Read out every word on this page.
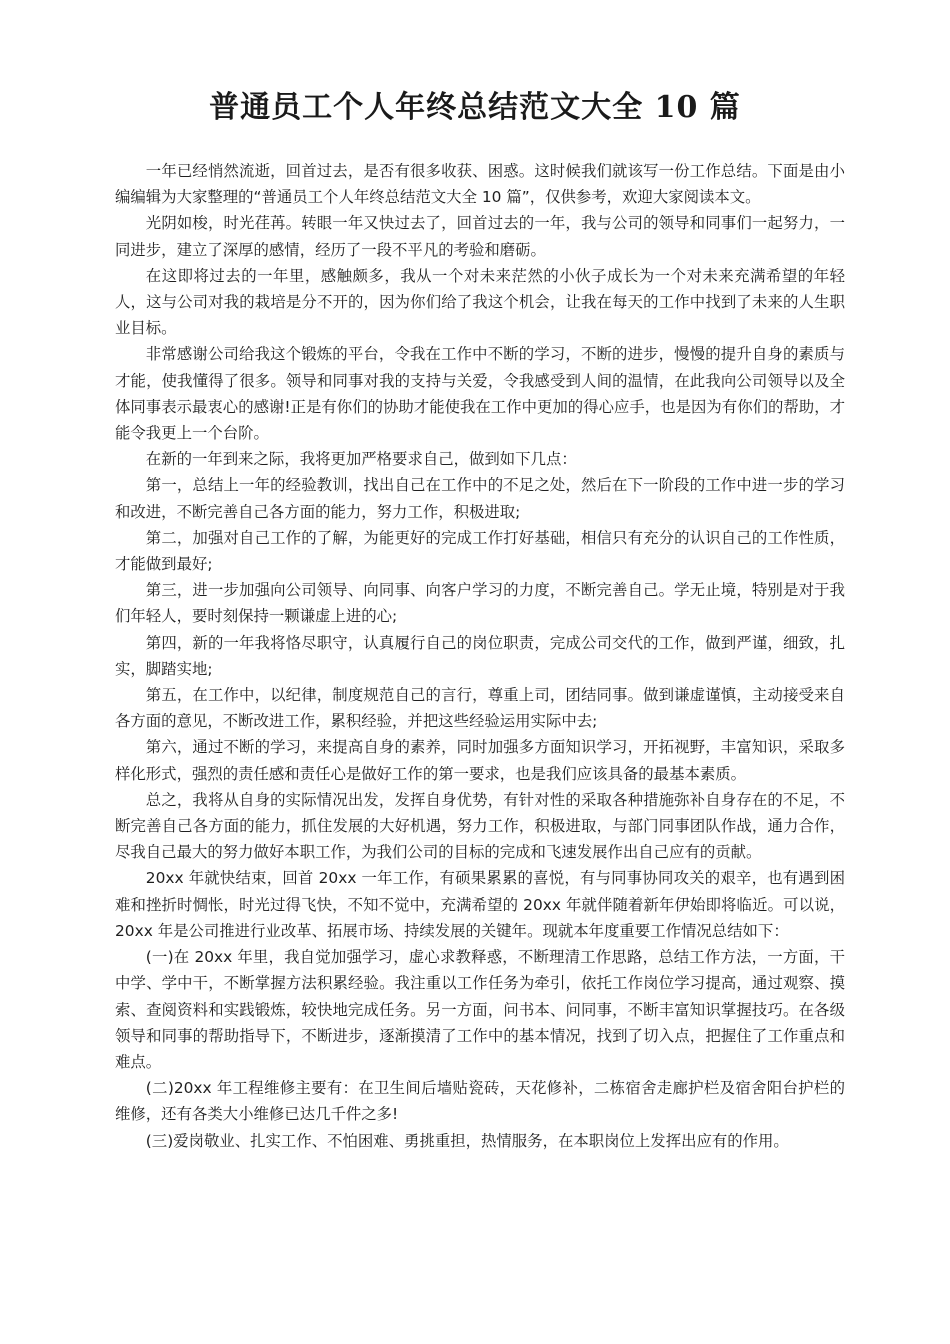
普通员工个人年终总结范文大全 10 篇

一年已经悄然流逝，回首过去，是否有很多收获、困惑。这时候我们就该写一份工作总结。下面是由小编编辑为大家整理的“普通员工个人年终总结范文大全 10 篇”，仅供参考，欢迎大家阅读本文。

光阴如梭，时光荏苒。转眼一年又快过去了，回首过去的一年，我与公司的领导和同事们一起努力，一同进步，建立了深厚的感情，经历了一段不平凡的考验和磨砺。

在这即将过去的一年里，感触颇多，我从一个对未来茫然的小伙子成长为一个对未来充满希望的年轻人，这与公司对我的栽培是分不开的，因为你们给了我这个机会，让我在每天的工作中找到了未来的人生职业目标。

非常感谢公司给我这个锻炼的平台，令我在工作中不断的学习，不断的进步，慢慢的提升自身的素质与才能，使我懂得了很多。领导和同事对我的支持与关爱，令我感受到人间的温情，在此我向公司领导以及全体同事表示最衷心的感谢!正是有你们的协助才能使我在工作中更加的得心应手，也是因为有你们的帮助，才能令我更上一个台阶。

在新的一年到来之际，我将更加严格要求自己，做到如下几点：

第一，总结上一年的经验教训，找出自己在工作中的不足之处，然后在下一阶段的工作中进一步的学习和改进，不断完善自己各方面的能力，努力工作，积极进取;

第二，加强对自己工作的了解，为能更好的完成工作打好基础，相信只有充分的认识自己的工作性质，才能做到最好;

第三，进一步加强向公司领导、向同事、向客户学习的力度，不断完善自己。学无止境，特别是对于我们年轻人，要时刻保持一颗谦虚上进的心;

第四，新的一年我将恪尽职守，认真履行自己的岗位职责，完成公司交代的工作，做到严谨，细致，扎实，脚踏实地;

第五，在工作中，以纪律，制度规范自己的言行，尊重上司，团结同事。做到谦虚谨慎，主动接受来自各方面的意见，不断改进工作，累积经验，并把这些经验运用实际中去;

第六，通过不断的学习，来提高自身的素养，同时加强多方面知识学习，开拓视野，丰富知识，采取多样化形式，强烈的责任感和责任心是做好工作的第一要求，也是我们应该具备的最基本素质。

总之，我将从自身的实际情况出发，发挥自身优势，有针对性的采取各种措施弥补自身存在的不足，不断完善自己各方面的能力，抓住发展的大好机遇，努力工作，积极进取，与部门同事团队作战，通力合作，尽我自己最大的努力做好本职工作，为我们公司的目标的完成和飞速发展作出自己应有的贡献。

20xx 年就快结束，回首 20xx 一年工作，有硕果累累的喜悦，有与同事协同攻关的艰辛，也有遇到困难和挫折时惆怅，时光过得飞快，不知不觉中，充满希望的 20xx 年就伴随着新年伊始即将临近。可以说，20xx 年是公司推进行业改革、拓展市场、持续发展的关键年。现就本年度重要工作情况总结如下：

(一)在 20xx 年里，我自觉加强学习，虚心求教释惑，不断理清工作思路，总结工作方法，一方面，干中学、学中干，不断掌握方法积累经验。我注重以工作任务为牵引，依托工作岗位学习提高，通过观察、摸索、查阅资料和实践锻炼，较快地完成任务。另一方面，问书本、问同事，不断丰富知识掌握技巧。在各级领导和同事的帮助指导下，不断进步，逐渐摸清了工作中的基本情况，找到了切入点，把握住了工作重点和难点。

(二)20xx 年工程维修主要有：在卫生间后墙贴瓷砖，天花修补，二栋宿舍走廊护栏及宿舍阳台护栏的维修，还有各类大小维修已达几千件之多!

(三)爱岗敬业、扎实工作、不怕困难、勇挑重担，热情服务，在本职岗位上发挥出应有的作用。
